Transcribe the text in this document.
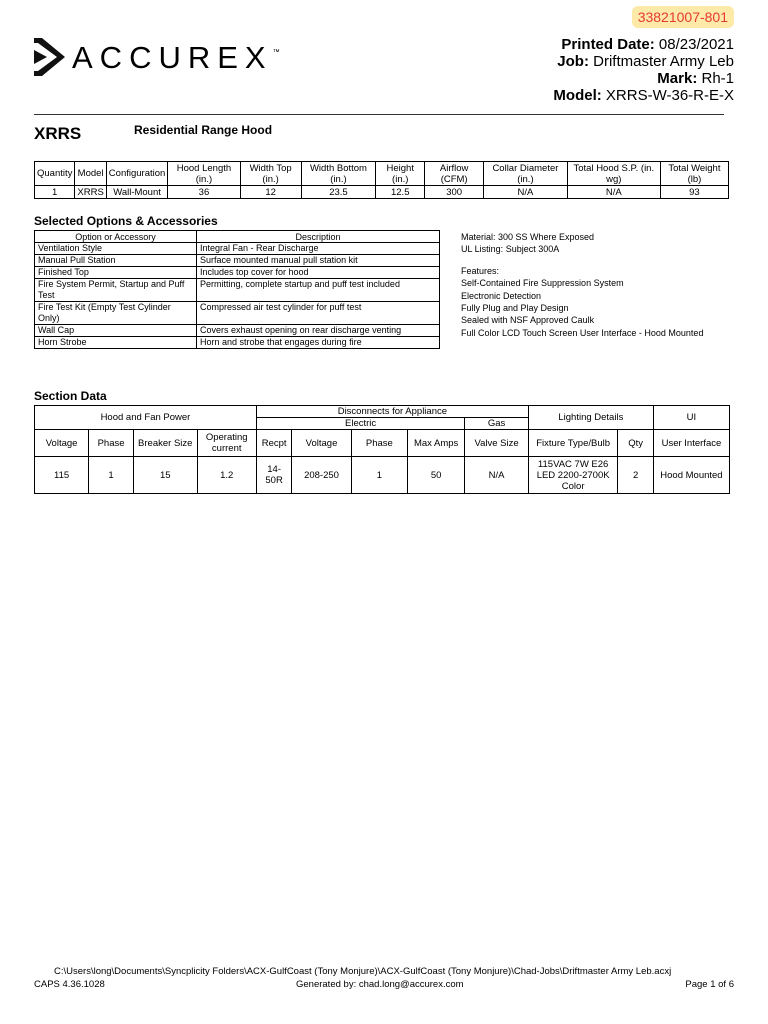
33821007-801
ACCUREX™	Printed Date: 08/23/2021
Job: Driftmaster Army Leb
Mark: Rh-1
Model: XRRS-W-36-R-E-X
XRRS	Residential Range Hood
Quantity	Model	Configuration	Hood Length (in.)	Width Top (in.)	Width Bottom (in.)	Height (in.)	Airflow (CFM)	Collar Diameter (in.)	Total Hood S.P. (in. wg)	Total Weight (lb)
1	XRRS	Wall-Mount	36	12	23.5	12.5	300	N/A	N/A	93
Selected Options & Accessories
Option or Accessory	Description
Ventilation Style	Integral Fan - Rear Discharge
Manual Pull Station	Surface mounted manual pull station kit
Finished Top	Includes top cover for hood
Fire System Permit, Startup and Puff Test	Permitting, complete startup and puff test included
Fire Test Kit (Empty Test Cylinder Only)	Compressed air test cylinder for puff test
Wall Cap	Covers exhaust opening on rear discharge venting
Horn Strobe	Horn and strobe that engages during fire
Material: 300 SS Where Exposed
UL Listing: Subject 300A
Features:
Self-Contained Fire Suppression System
Electronic Detection
Fully Plug and Play Design
Sealed with NSF Approved Caulk
Full Color LCD Touch Screen User Interface - Hood Mounted
Section Data
Hood and Fan Power				Disconnects for Appliance					Lighting Details		UI
				Electric				Gas			
Voltage	Phase	Breaker Size	Operating current	Recpt	Voltage	Phase	Max Amps	Valve Size	Fixture Type/Bulb	Qty	User Interface
115	1	15	1.2	14-50R	208-250	1	50	N/A	115VAC 7W E26 LED 2200-2700K Color	2	Hood Mounted
C:\Users\long\Documents\Syncplicity Folders\ACX-GulfCoast (Tony Monjure)\ACX-GulfCoast (Tony Monjure)\Chad-Jobs\Driftmaster Army Leb.acxj
CAPS 4.36.1028	Generated by: chad.long@accurex.com	Page 1 of 6
